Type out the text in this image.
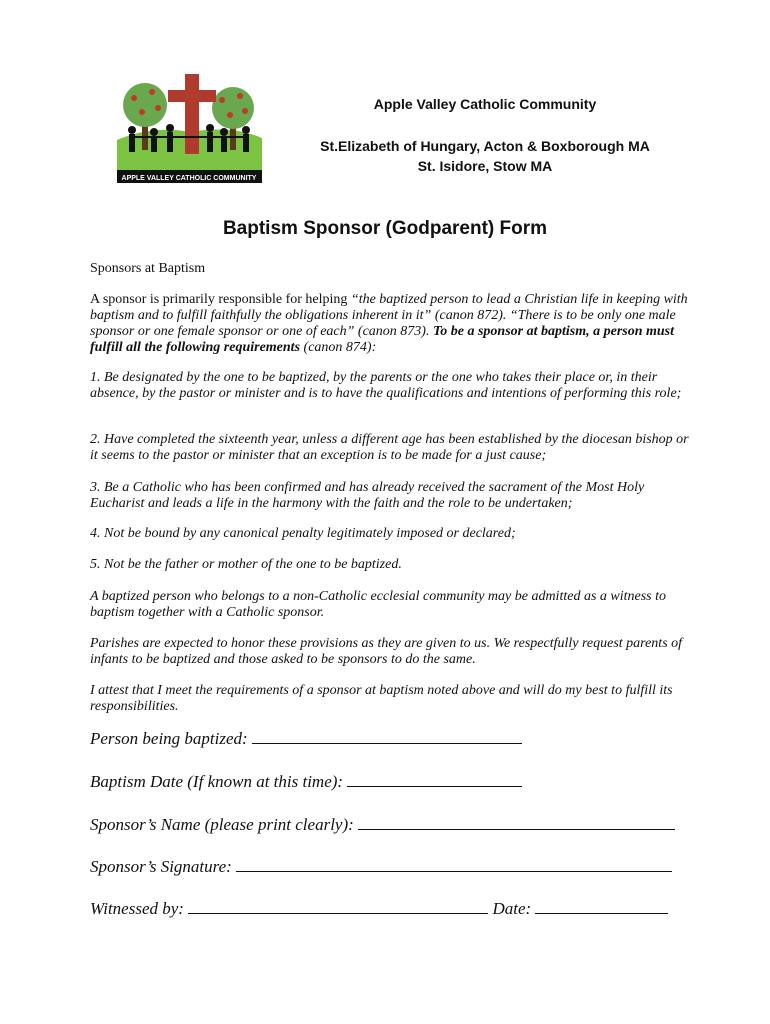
APPLE VALLEY CATHOLIC COMMUNITY
Apple Valley Catholic Community
St.Elizabeth of Hungary, Acton & Boxborough MA
St. Isidore, Stow MA
Baptism Sponsor (Godparent) Form
Sponsors at Baptism
A sponsor is primarily responsible for helping “the baptized person to lead a Christian life in keeping with baptism and to fulfill faithfully the obligations inherent in it” (canon 872). “There is to be only one male sponsor or one female sponsor or one of each” (canon 873). To be a sponsor at baptism, a person must fulfill all the following requirements (canon 874):
1. Be designated by the one to be baptized, by the parents or the one who takes their place or, in their absence, by the pastor or minister and is to have the qualifications and intentions of performing this role;
2. Have completed the sixteenth year, unless a different age has been established by the diocesan bishop or it seems to the pastor or minister that an exception is to be made for a just cause;
3. Be a Catholic who has been confirmed and has already received the sacrament of the Most Holy Eucharist and leads a life in the harmony with the faith and the role to be undertaken;
4. Not be bound by any canonical penalty legitimately imposed or declared;
5. Not be the father or mother of the one to be baptized.
A baptized person who belongs to a non-Catholic ecclesial community may be admitted as a witness to baptism together with a Catholic sponsor.
Parishes are expected to honor these provisions as they are given to us. We respectfully request parents of infants to be baptized and those asked to be sponsors to do the same.
I attest that I meet the requirements of a sponsor at baptism noted above and will do my best to fulfill its responsibilities.
Person being baptized:
Baptism Date (If known at this time):
Sponsor’s Name (please print clearly):
Sponsor’s Signature:
Witnessed by:	Date:
